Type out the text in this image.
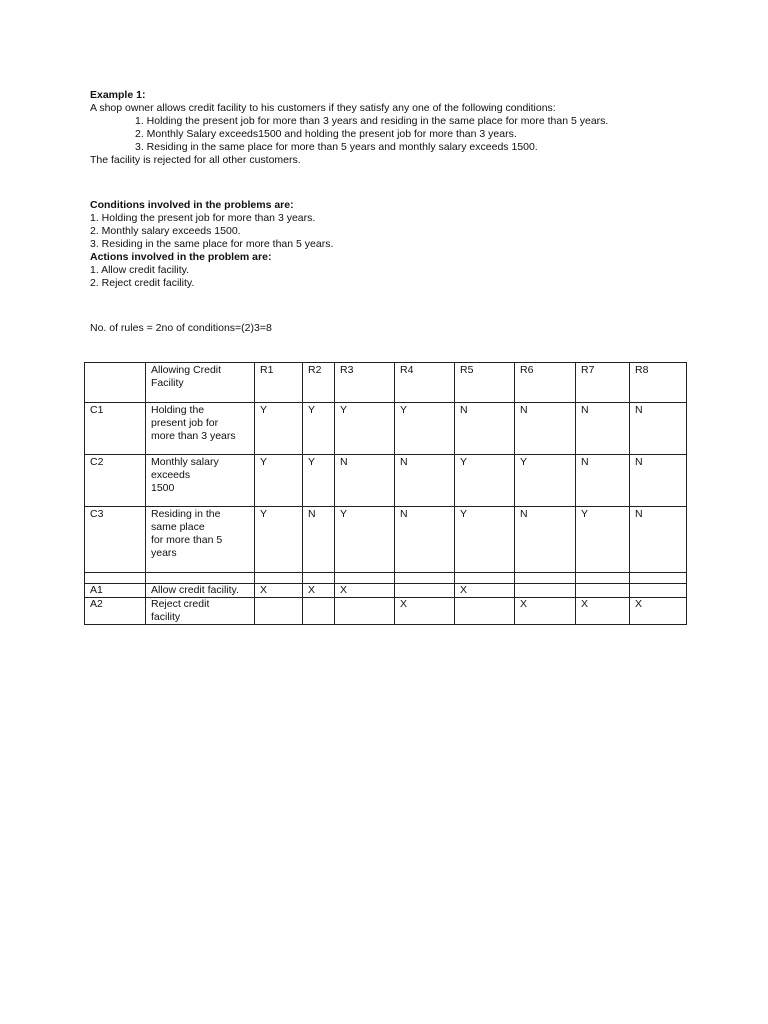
Example 1:
A shop owner allows credit facility to his customers if they satisfy any one of the following conditions:
1. Holding the present job for more than 3 years and residing in the same place for more than 5 years.
2. Monthly Salary exceeds1500 and holding the present job for more than 3 years.
3. Residing in the same place for more than 5 years and monthly salary exceeds 1500.
The facility is rejected for all other customers.
Conditions involved in the problems are:
1. Holding the present job for more than 3 years.
2. Monthly salary exceeds 1500.
3. Residing in the same place for more than 5 years.
Actions involved in the problem are:
1. Allow credit facility.
2. Reject credit facility.
No. of rules = 2no of conditions=(2)3=8

	Allowing Credit
Facility	R1	R2	R3	R4	R5	R6	R7	R8
C1	Holding the
present job for
more than 3 years	Y	Y	Y	Y	N	N	N	N
C2	Monthly salary
exceeds
1500	Y	Y	N	N	Y	Y	N	N
C3	Residing in the
same place
for more than 5
years	Y	N	Y	N	Y	N	Y	N

A1	Allow credit facility.	X	X	X		X			
A2	Reject credit
facility				X		X	X	X
